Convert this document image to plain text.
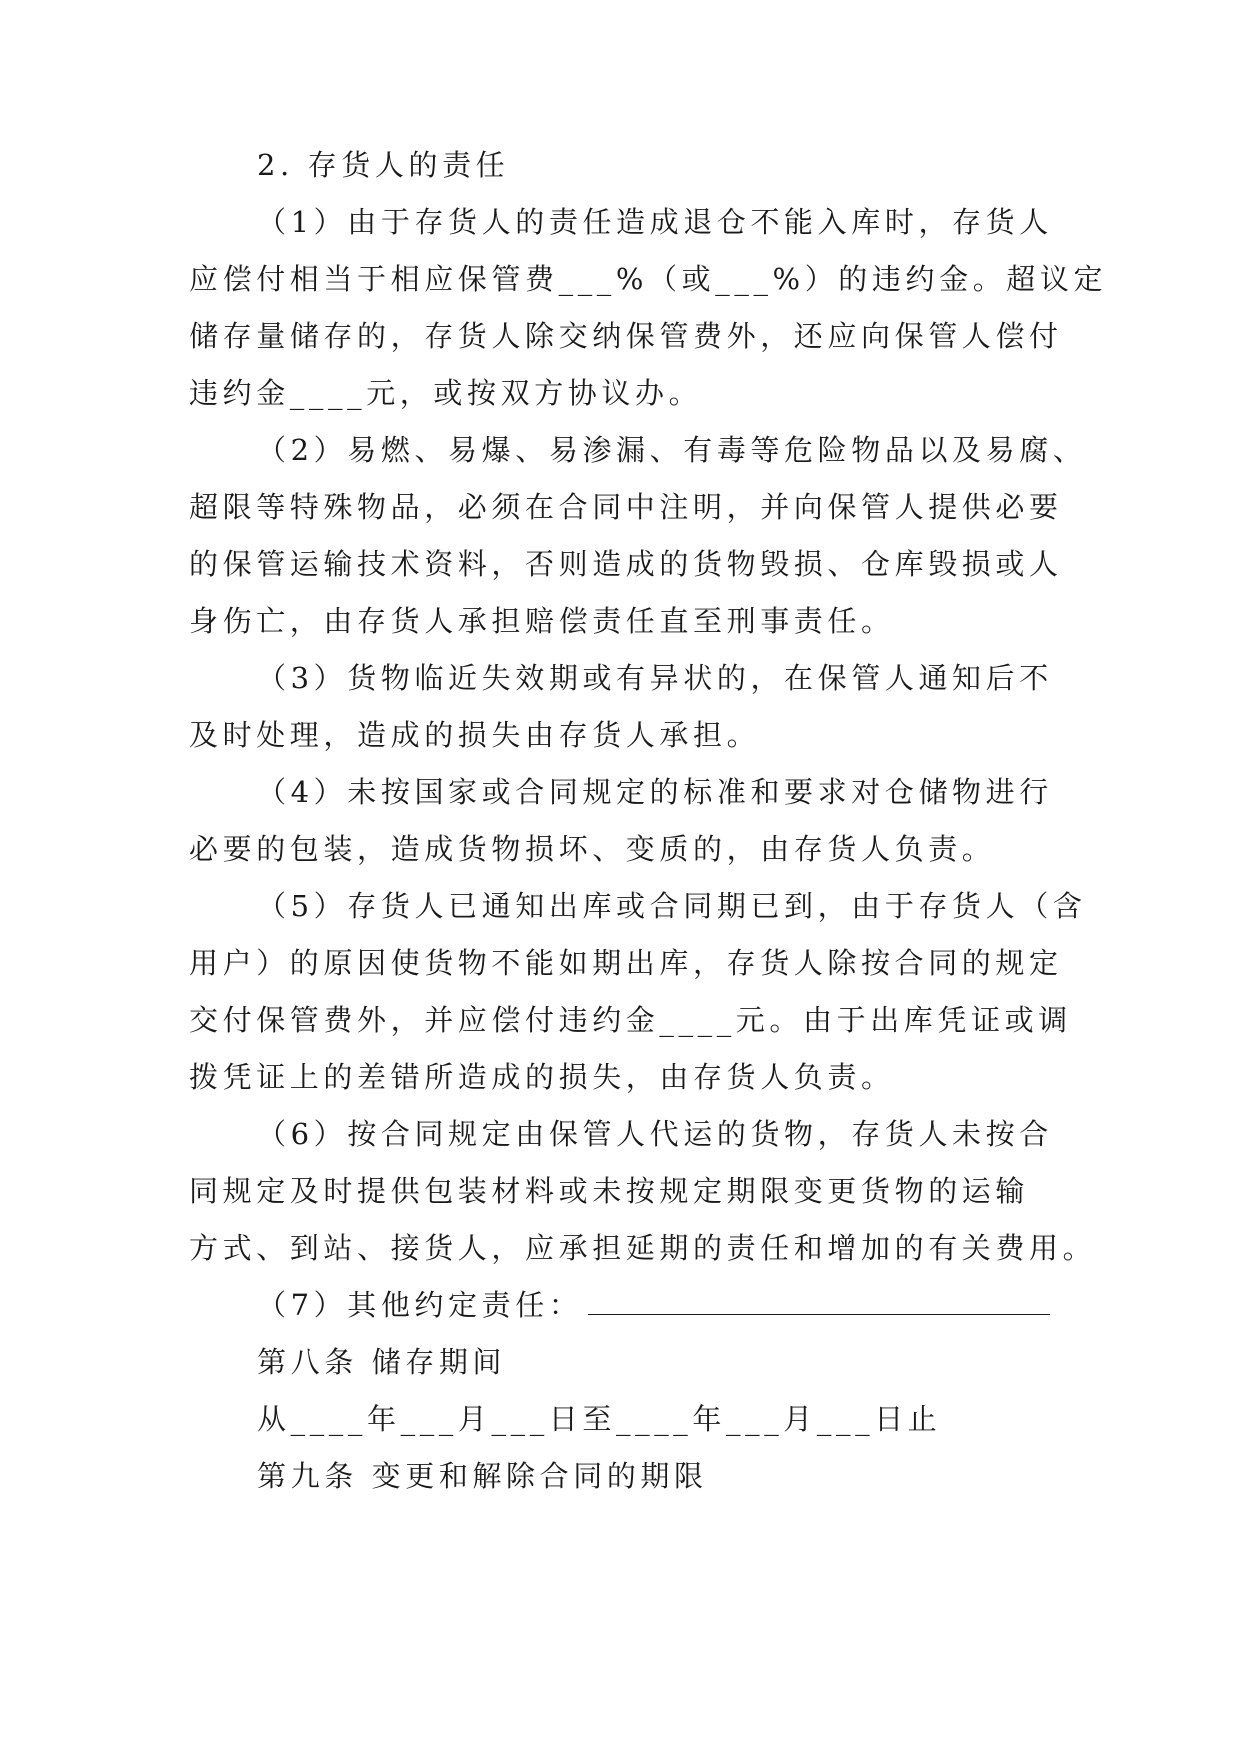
2. 存货人的责任
（1）由于存货人的责任造成退仓不能入库时，存货人
应偿付相当于相应保管费___%（或___%）的违约金。超议定
储存量储存的，存货人除交纳保管费外，还应向保管人偿付
违约金____元，或按双方协议办。
（2）易燃、易爆、易渗漏、有毒等危险物品以及易腐、
超限等特殊物品，必须在合同中注明，并向保管人提供必要
的保管运输技术资料，否则造成的货物毁损、仓库毁损或人
身伤亡，由存货人承担赔偿责任直至刑事责任。
（3）货物临近失效期或有异状的，在保管人通知后不
及时处理，造成的损失由存货人承担。
（4）未按国家或合同规定的标准和要求对仓储物进行
必要的包装，造成货物损坏、变质的，由存货人负责。
（5）存货人已通知出库或合同期已到，由于存货人（含
用户）的原因使货物不能如期出库，存货人除按合同的规定
交付保管费外，并应偿付违约金____元。由于出库凭证或调
拨凭证上的差错所造成的损失，由存货人负责。
（6）按合同规定由保管人代运的货物，存货人未按合
同规定及时提供包装材料或未按规定期限变更货物的运输
方式、到站、接货人，应承担延期的责任和增加的有关费用。
（7）其他约定责任：
第八条 储存期间
从____年___月___日至____年___月___日止
第九条 变更和解除合同的期限
